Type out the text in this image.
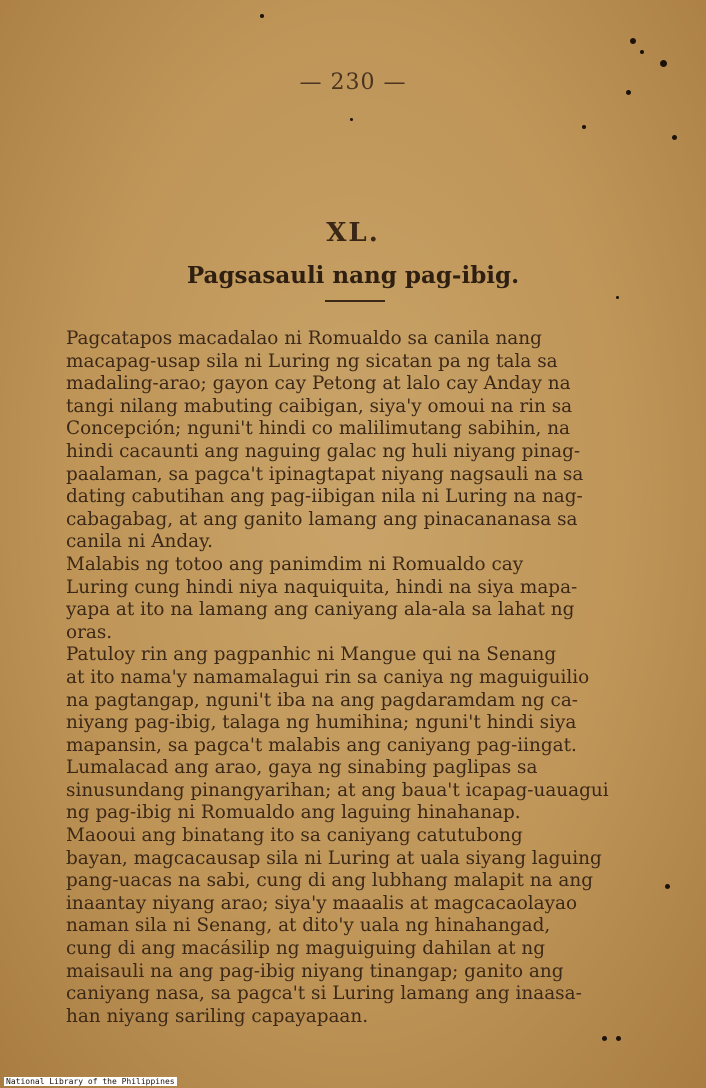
— 230 —
XL.
Pagsasauli nang pag-ibig.
Pagcatapos macadalao ni Romualdo sa canila nang
macapag-usap sila ni Luring ng sicatan pa ng tala sa
madaling-arao; gayon cay Petong at lalo cay Anday na
tangi nilang mabuting caibigan, siya'y omoui na rin sa
Concepción; nguni't hindi co malilimutang sabihin, na
hindi cacaunti ang naguing galac ng huli niyang pinag-
paalaman, sa pagca't ipinagtapat niyang nagsauli na sa
dating cabutihan ang pag-iibigan nila ni Luring na nag-
cabagabag, at ang ganito lamang ang pinacananasa sa
canila ni Anday.
Malabis ng totoo ang panimdim ni Romualdo cay
Luring cung hindi niya naquiquita, hindi na siya mapa-
yapa at ito na lamang ang caniyang ala-ala sa lahat ng
oras.
Patuloy rin ang pagpanhic ni Mangue qui na Senang
at ito nama'y namamalagui rin sa caniya ng maguiguilio
na pagtangap, nguni't iba na ang pagdaramdam ng ca-
niyang pag-ibig, talaga ng humihina; nguni't hindi siya
mapansin, sa pagca't malabis ang caniyang pag-iingat.
Lumalacad ang arao, gaya ng sinabing paglipas sa
sinusundang pinangyarihan; at ang baua't icapag-uauagui
ng pag-ibig ni Romualdo ang laguing hinahanap.
Maooui ang binatang ito sa caniyang catutubong
bayan, magcacausap sila ni Luring at uala siyang laguing
pang-uacas na sabi, cung di ang lubhang malapit na ang
inaantay niyang arao; siya'y maaalis at magcacaolayao
naman sila ni Senang, at dito'y uala ng hinahangad,
cung di ang macásilip ng maguiguing dahilan at ng
maisauli na ang pag-ibig niyang tinangap; ganito ang
caniyang nasa, sa pagca't si Luring lamang ang inaasa-
han niyang sariling capayapaan.
National Library of the Philippines
